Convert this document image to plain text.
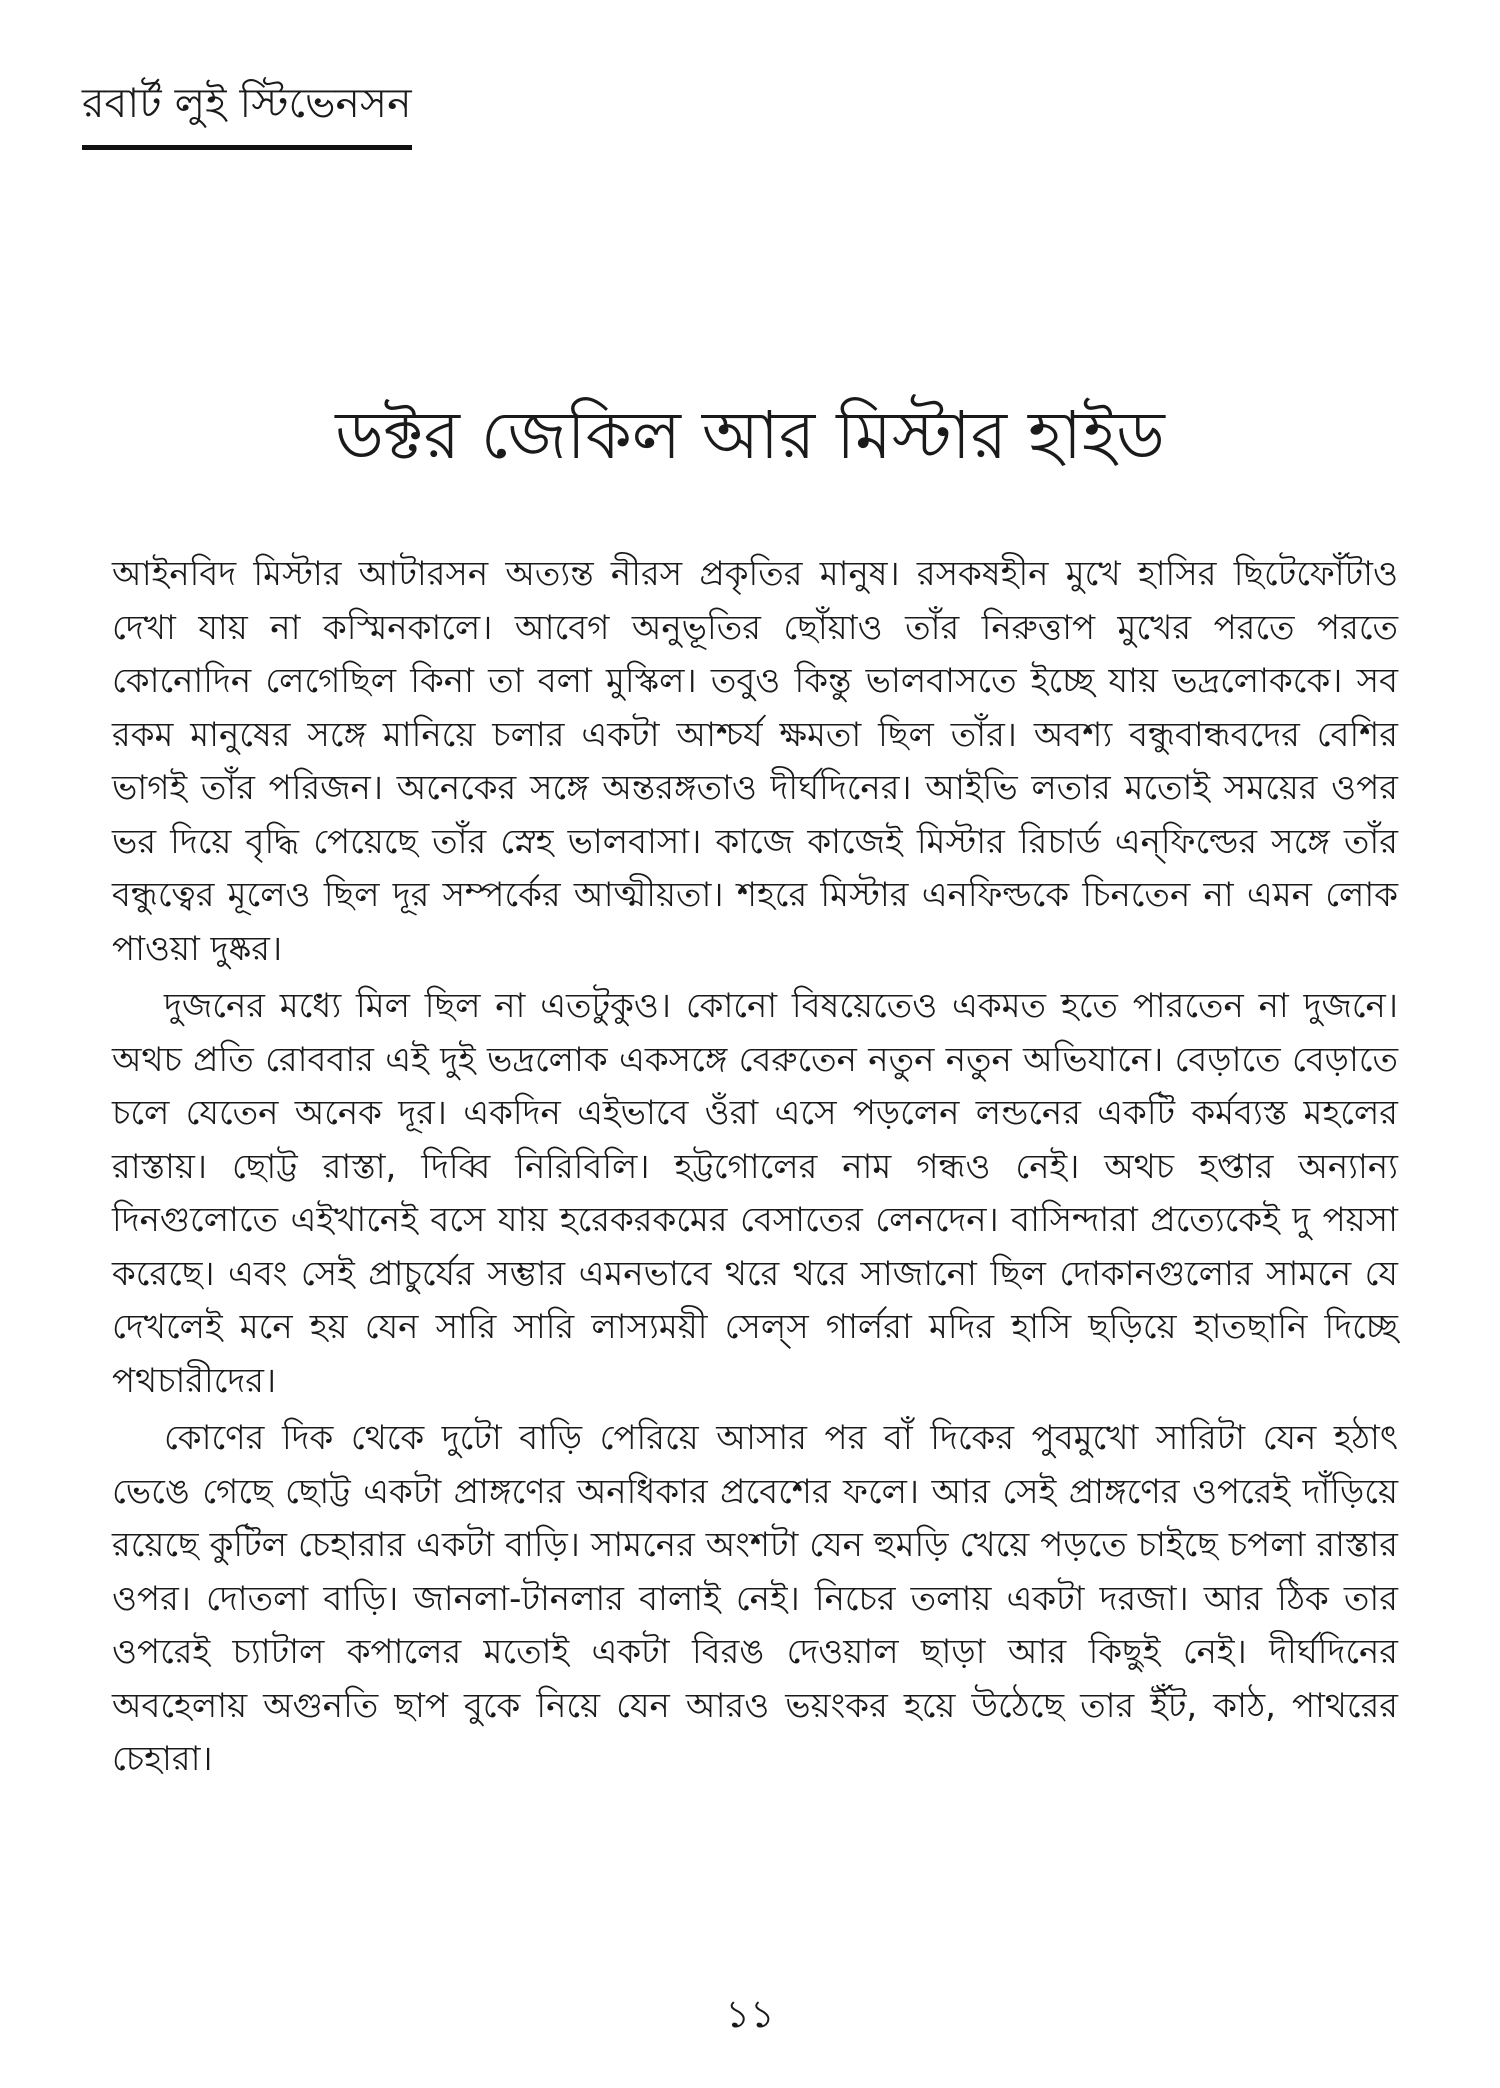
রবার্ট লুই স্টিভেনসন
ডক্টর জেকিল আর মিস্টার হাইড

আইনবিদ মিস্টার আটারসন অত্যন্ত নীরস প্রকৃতির মানুষ। রসকষহীন মুখে হাসির ছিটেফোঁটাও দেখা যায় না কস্মিনকালে। আবেগ অনুভূতির ছোঁয়াও তাঁর নিরুত্তাপ মুখের পরতে পরতে কোনোদিন লেগেছিল কিনা তা বলা মুস্কিল। তবুও কিন্তু ভালবাসতে ইচ্ছে যায় ভদ্রলোককে। সব রকম মানুষের সঙ্গে মানিয়ে চলার একটা আশ্চর্য ক্ষমতা ছিল তাঁর। অবশ্য বন্ধুবান্ধবদের বেশির ভাগই তাঁর পরিজন। অনেকের সঙ্গে অন্তরঙ্গতাও দীর্ঘদিনের। আইভি লতার মতোই সময়ের ওপর ভর দিয়ে বৃদ্ধি পেয়েছে তাঁর স্নেহ ভালবাসা। কাজে কাজেই মিস্টার রিচার্ড এন্‌ফিল্ডের সঙ্গে তাঁর বন্ধুত্বের মূলেও ছিল দূর সম্পর্কের আত্মীয়তা। শহরে মিস্টার এনফিল্ডকে চিনতেন না এমন লোক পাওয়া দুষ্কর।

দুজনের মধ্যে মিল ছিল না এতটুকুও। কোনো বিষয়েতেও একমত হতে পারতেন না দুজনে। অথচ প্রতি রোববার এই দুই ভদ্রলোক একসঙ্গে বেরুতেন নতুন নতুন অভিযানে। বেড়াতে বেড়াতে চলে যেতেন অনেক দূর। একদিন এইভাবে ওঁরা এসে পড়লেন লন্ডনের একটি কর্মব্যস্ত মহলের রাস্তায়। ছোট্ট রাস্তা, দিব্বি নিরিবিলি। হট্টগোলের নাম গন্ধও নেই। অথচ হপ্তার অন্যান্য দিনগুলোতে এইখানেই বসে যায় হরেকরকমের বেসাতের লেনদেন। বাসিন্দারা প্রত্যেকেই দু পয়সা করেছে। এবং সেই প্রাচুর্যের সম্ভার এমনভাবে থরে থরে সাজানো ছিল দোকানগুলোর সামনে যে দেখলেই মনে হয় যেন সারি সারি লাস্যময়ী সেল্‌স গার্লরা মদির হাসি ছড়িয়ে হাতছানি দিচ্ছে পথচারীদের।

কোণের দিক থেকে দুটো বাড়ি পেরিয়ে আসার পর বাঁ দিকের পুবমুখো সারিটা যেন হঠাৎ ভেঙে গেছে ছোট্ট একটা প্রাঙ্গণের অনধিকার প্রবেশের ফলে। আর সেই প্রাঙ্গণের ওপরেই দাঁড়িয়ে রয়েছে কুটিল চেহারার একটা বাড়ি। সামনের অংশটা যেন হুমড়ি খেয়ে পড়তে চাইছে চপলা রাস্তার ওপর। দোতলা বাড়ি। জানলা-টানলার বালাই নেই। নিচের তলায় একটা দরজা। আর ঠিক তার ওপরেই চ্যাটাল কপালের মতোই একটা বিরঙ দেওয়াল ছাড়া আর কিছুই নেই। দীর্ঘদিনের অবহেলায় অগুনতি ছাপ বুকে নিয়ে যেন আরও ভয়ংকর হয়ে উঠেছে তার ইঁট, কাঠ, পাথরের চেহারা।

১১
